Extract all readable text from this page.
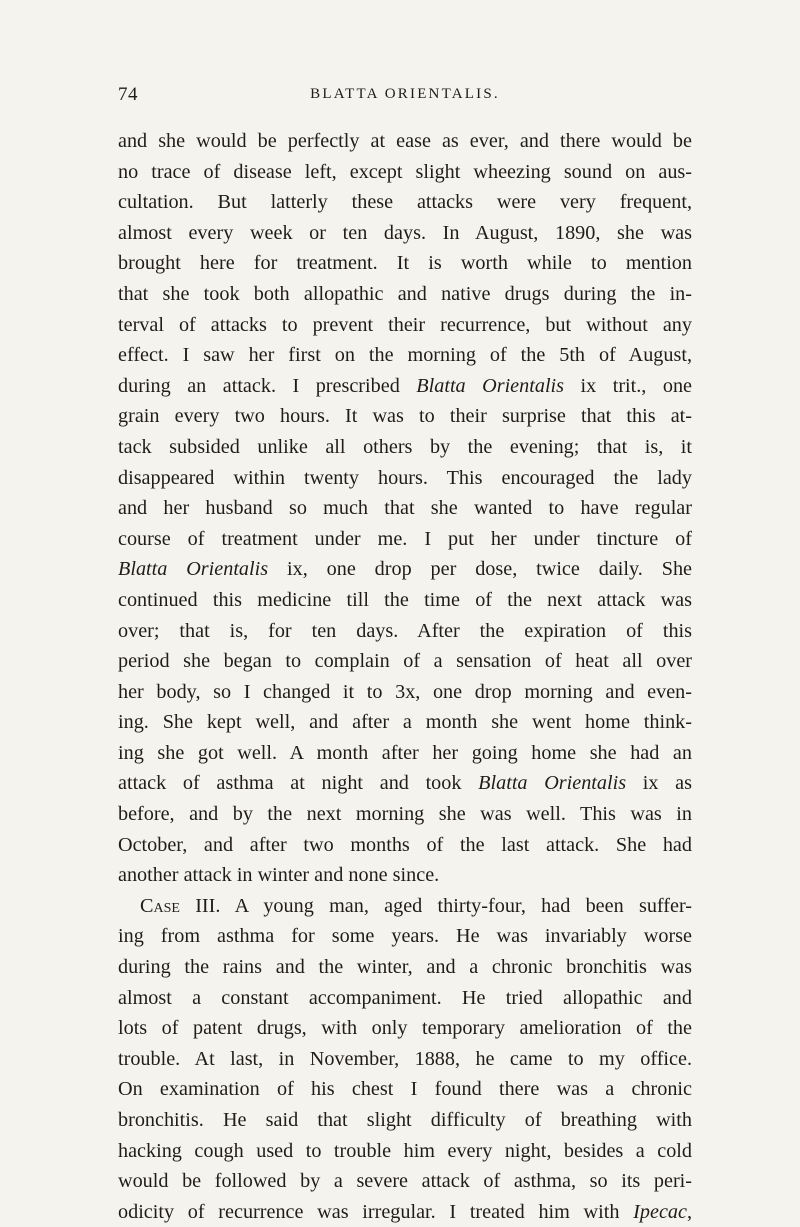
74	BLATTA ORIENTALIS.
and she would be perfectly at ease as ever, and there would be
no trace of disease left, except slight wheezing sound on aus-
cultation. But latterly these attacks were very frequent,
almost every week or ten days. In August, 1890, she was
brought here for treatment. It is worth while to mention
that she took both allopathic and native drugs during the in-
terval of attacks to prevent their recurrence, but without any
effect. I saw her first on the morning of the 5th of August,
during an attack. I prescribed Blatta Orientalis ix trit., one
grain every two hours. It was to their surprise that this at-
tack subsided unlike all others by the evening; that is, it
disappeared within twenty hours. This encouraged the lady
and her husband so much that she wanted to have regular
course of treatment under me. I put her under tincture of
Blatta Orientalis ix, one drop per dose, twice daily. She
continued this medicine till the time of the next attack was
over; that is, for ten days. After the expiration of this
period she began to complain of a sensation of heat all over
her body, so I changed it to 3x, one drop morning and even-
ing. She kept well, and after a month she went home think-
ing she got well. A month after her going home she had an
attack of asthma at night and took Blatta Orientalis ix as
before, and by the next morning she was well. This was in
October, and after two months of the last attack. She had
another attack in winter and none since.
Case III. A young man, aged thirty-four, had been suffer-
ing from asthma for some years. He was invariably worse
during the rains and the winter, and a chronic bronchitis was
almost a constant accompaniment. He tried allopathic and
lots of patent drugs, with only temporary amelioration of the
trouble. At last, in November, 1888, he came to my office.
On examination of his chest I found there was a chronic
bronchitis. He said that slight difficulty of breathing with
hacking cough used to trouble him every night, besides a cold
would be followed by a severe attack of asthma, so its peri-
odicity of recurrence was irregular. I treated him with Ipecac,
